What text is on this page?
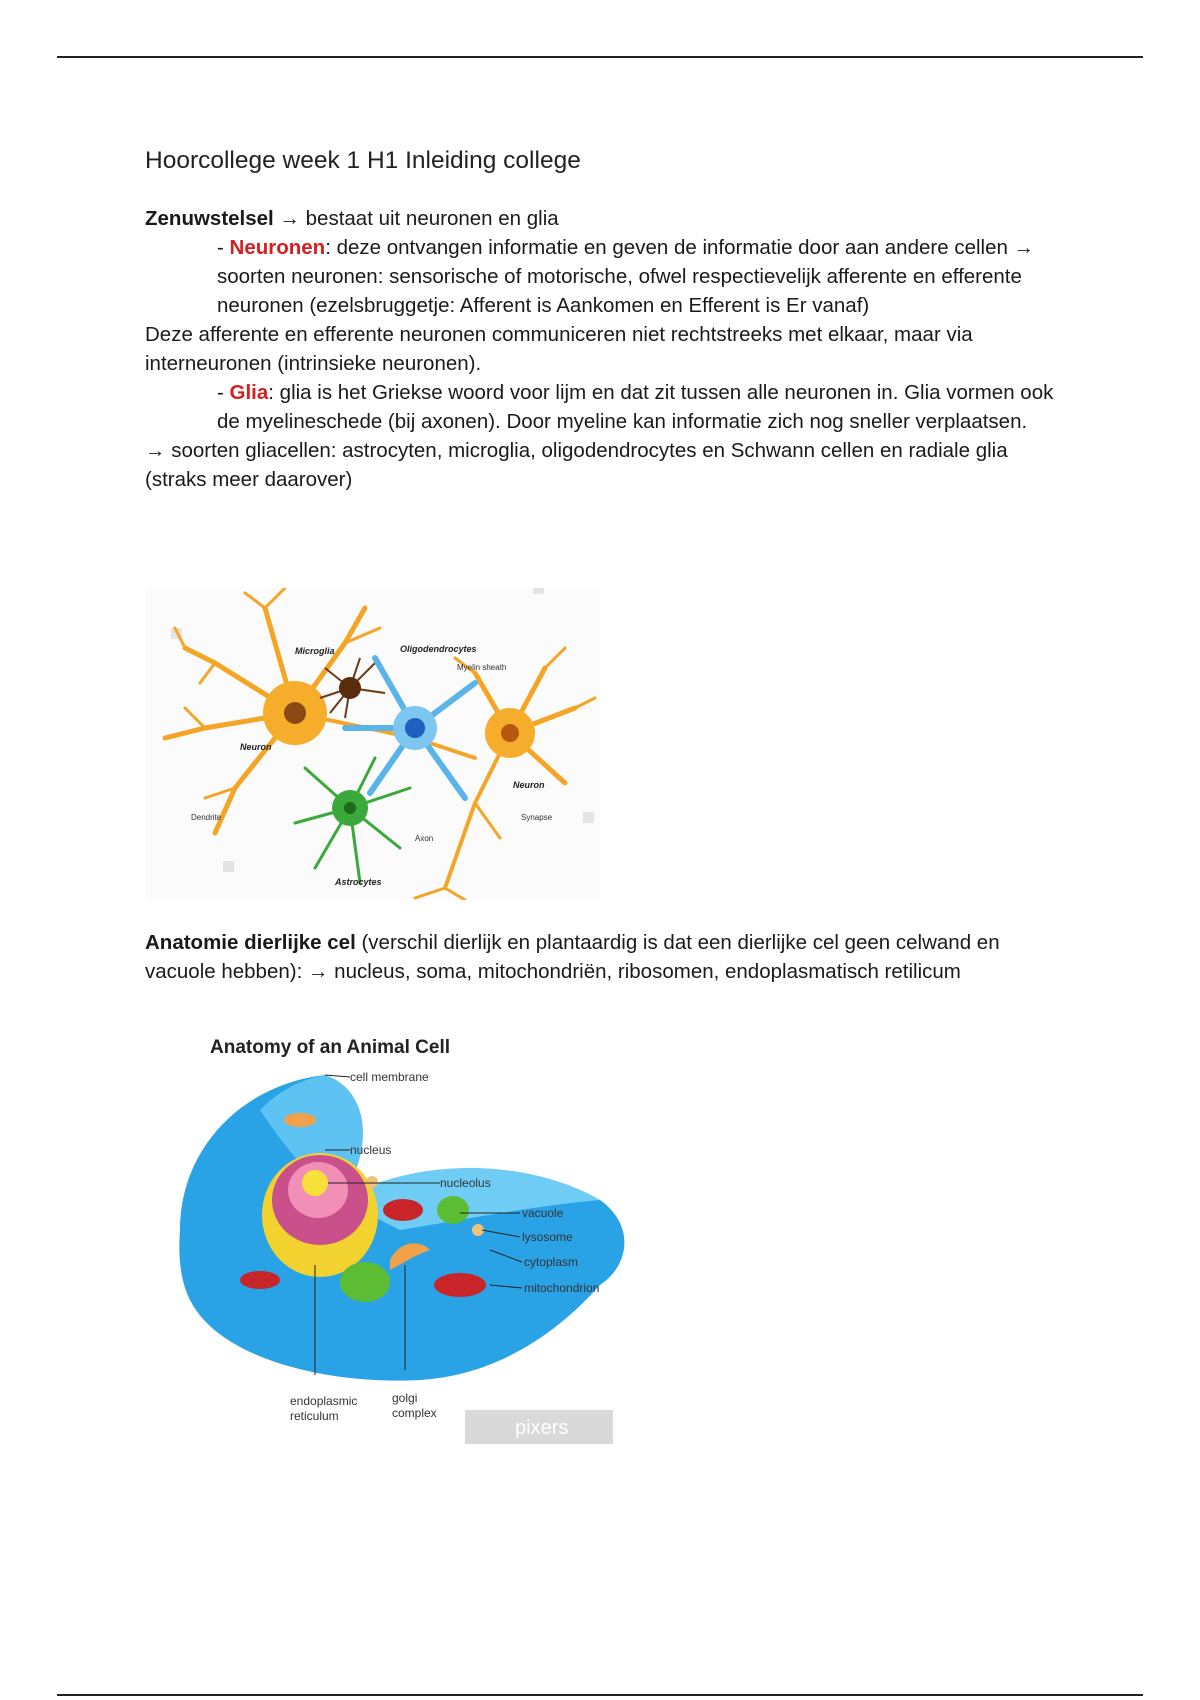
Hoorcollege week 1 H1 Inleiding college

Zenuwstelsel → bestaat uit neuronen en glia

- Neuronen: deze ontvangen informatie en geven de informatie door aan andere cellen → soorten neuronen: sensorische of motorische, ofwel respectievelijk afferente en efferente neuronen (ezelsbruggetje: Afferent is Aankomen en Efferent is Er vanaf)

Deze afferente en efferente neuronen communiceren niet rechtstreeks met elkaar, maar via interneuronen (intrinsieke neuronen).

- Glia: glia is het Griekse woord voor lijm en dat zit tussen alle neuronen in. Glia vormen ook de myelineschede (bij axonen). Door myeline kan informatie zich nog sneller verplaatsen.

→ soorten gliacellen: astrocyten, microglia, oligodendrocytes en Schwann cellen en radiale glia (straks meer daarover)

Microglia	Oligodendrocytes
Myelin sheath
Neuron
Neuron
Dendrite	Synapse
Axon
Astrocytes

Anatomie dierlijke cel (verschil dierlijk en plantaardig is dat een dierlijke cel geen celwand en vacuole hebben): → nucleus, soma, mitochondriën, ribosomen, endoplasmatisch retilicum

Anatomy of an Animal Cell
cell membrane
nucleus
nucleolus
vacuole
lysosome
cytoplasm
mitochondrion
endoplasmic
reticulum
golgi
complex
pixers
